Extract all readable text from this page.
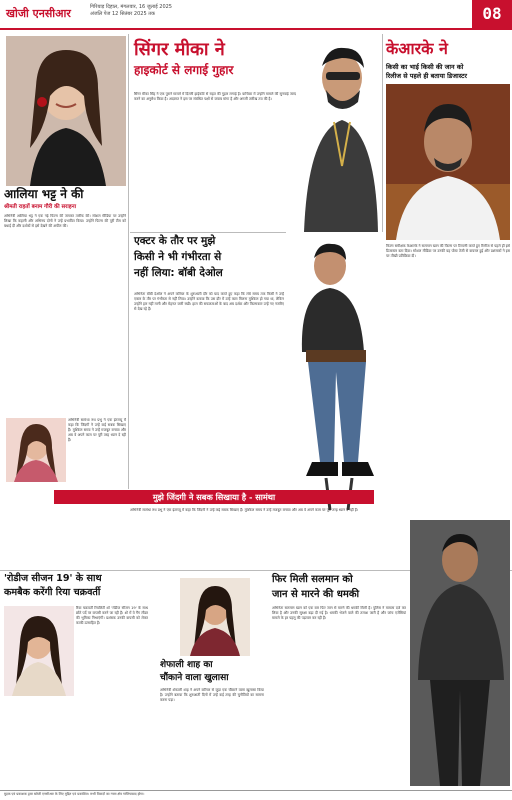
खोजी एनसीआर	गिरियाड़ दिहाल, मंगलवार, 16 जुलाई 2025
अंजलि पेज 12 सितंबर 2025 तक	08
आलिया भट्ट ने की
श्रीमती राहतों बनाम गौरी की सराहना

अभिनेत्री आलिया भट्ट ने एक नई फिल्म की जमकर तारीफ की। सोशल मीडिया पर उन्होंने लिखा कि कहानी और अभिनय दोनों ने उन्हें प्रभावित किया। उन्होंने फिल्म की पूरी टीम को बधाई दी और दर्शकों से इसे देखने की अपील की।

अभिनेत्री सामंथा रुथ प्रभु ने एक इंटरव्यू में कहा कि जिंदगी ने उन्हें कई सबक सिखाए हैं। मुश्किल समय ने उन्हें मजबूत बनाया और अब वे अपने काम पर पूरी तरह ध्यान दे रही हैं।

सिंगर मीका ने
हाइकोर्ट से लगाई गुहार

सिंगर मीका सिंह ने एक पुराने मामले में दिल्ली हाईकोर्ट से राहत की गुहार लगाई है। याचिका में उन्होंने मामले की सुनवाई जल्द करने का अनुरोध किया है। अदालत ने इस पर संबंधित पक्षों से जवाब मांगा है और अगली तारीख तय की है।

केआरके ने
किसी का भाई किसी की जान को
रिलीज से पहले ही बताया डिजास्टर

फिल्म समीक्षक केआरके ने सलमान खान की फिल्म पर टिप्पणी करते हुए रिलीज से पहले ही इसे डिजास्टर बता दिया। सोशल मीडिया पर उनकी यह पोस्ट तेजी से वायरल हुई और प्रशंसकों ने इस पर तीखी प्रतिक्रिया दी।

एक्टर के तौर पर मुझे
किसी ने भी गंभीरता से
नहीं लिया: बॉबी देओल

अभिनेता बॉबी देओल ने अपने करियर के शुरुआती दौर को याद करते हुए कहा कि लंबे समय तक किसी ने उन्हें एक्टर के तौर पर गंभीरता से नहीं लिया। उन्होंने बताया कि उस दौर में उन्हें काम मिलना मुश्किल हो गया था, लेकिन उन्होंने हार नहीं मानी और मेहनत जारी रखी। हाल की सफलताओं के बाद अब दर्शक और फिल्मकार उन्हें नए नजरिए से देख रहे हैं।

मुझे जिंदगी ने सबक सिखाया है - सामंथा

अभिनेत्री सामंथा रुथ प्रभु ने एक इंटरव्यू में कहा कि जिंदगी ने उन्हें कई सबक सिखाए हैं। मुश्किल समय ने उन्हें मजबूत बनाया और अब वे अपने काम पर पूरी तरह ध्यान दे रही हैं।

'रोडीज सीजन 19' के साथ
कमबैक करेंगी रिया चक्रवर्ती

रिया चक्रवर्ती रियलिटी शो 'रोडीज सीजन 19' के साथ छोटे पर्दे पर वापसी करने जा रही हैं। शो में वे गैंग लीडर की भूमिका निभाएंगी। प्रशंसक उनकी वापसी को लेकर काफी उत्साहित हैं।

शेफाली शाह का
चौंकाने वाला खुलासा

अभिनेत्री शेफाली शाह ने अपने करियर से जुड़ा एक चौंकाने वाला खुलासा किया है। उन्होंने बताया कि शुरुआती दिनों में उन्हें कई तरह की चुनौतियों का सामना करना पड़ा।

फिर मिली सलमान को
जान से मारने की धमकी

अभिनेता सलमान खान को एक बार फिर जान से मारने की धमकी मिली है। पुलिस ने मामला दर्ज कर लिया है और उनकी सुरक्षा बढ़ा दी गई है। धमकी भेजने वाले की तलाश जारी है और जांच एजेंसियां मामले के हर पहलू की पड़ताल कर रही हैं।

मुद्रक एवं प्रकाशक द्वारा खोजी एनसीआर के लिए मुद्रित एवं प्रकाशित। सभी विवादों का न्याय क्षेत्र गाजियाबाद होगा।
